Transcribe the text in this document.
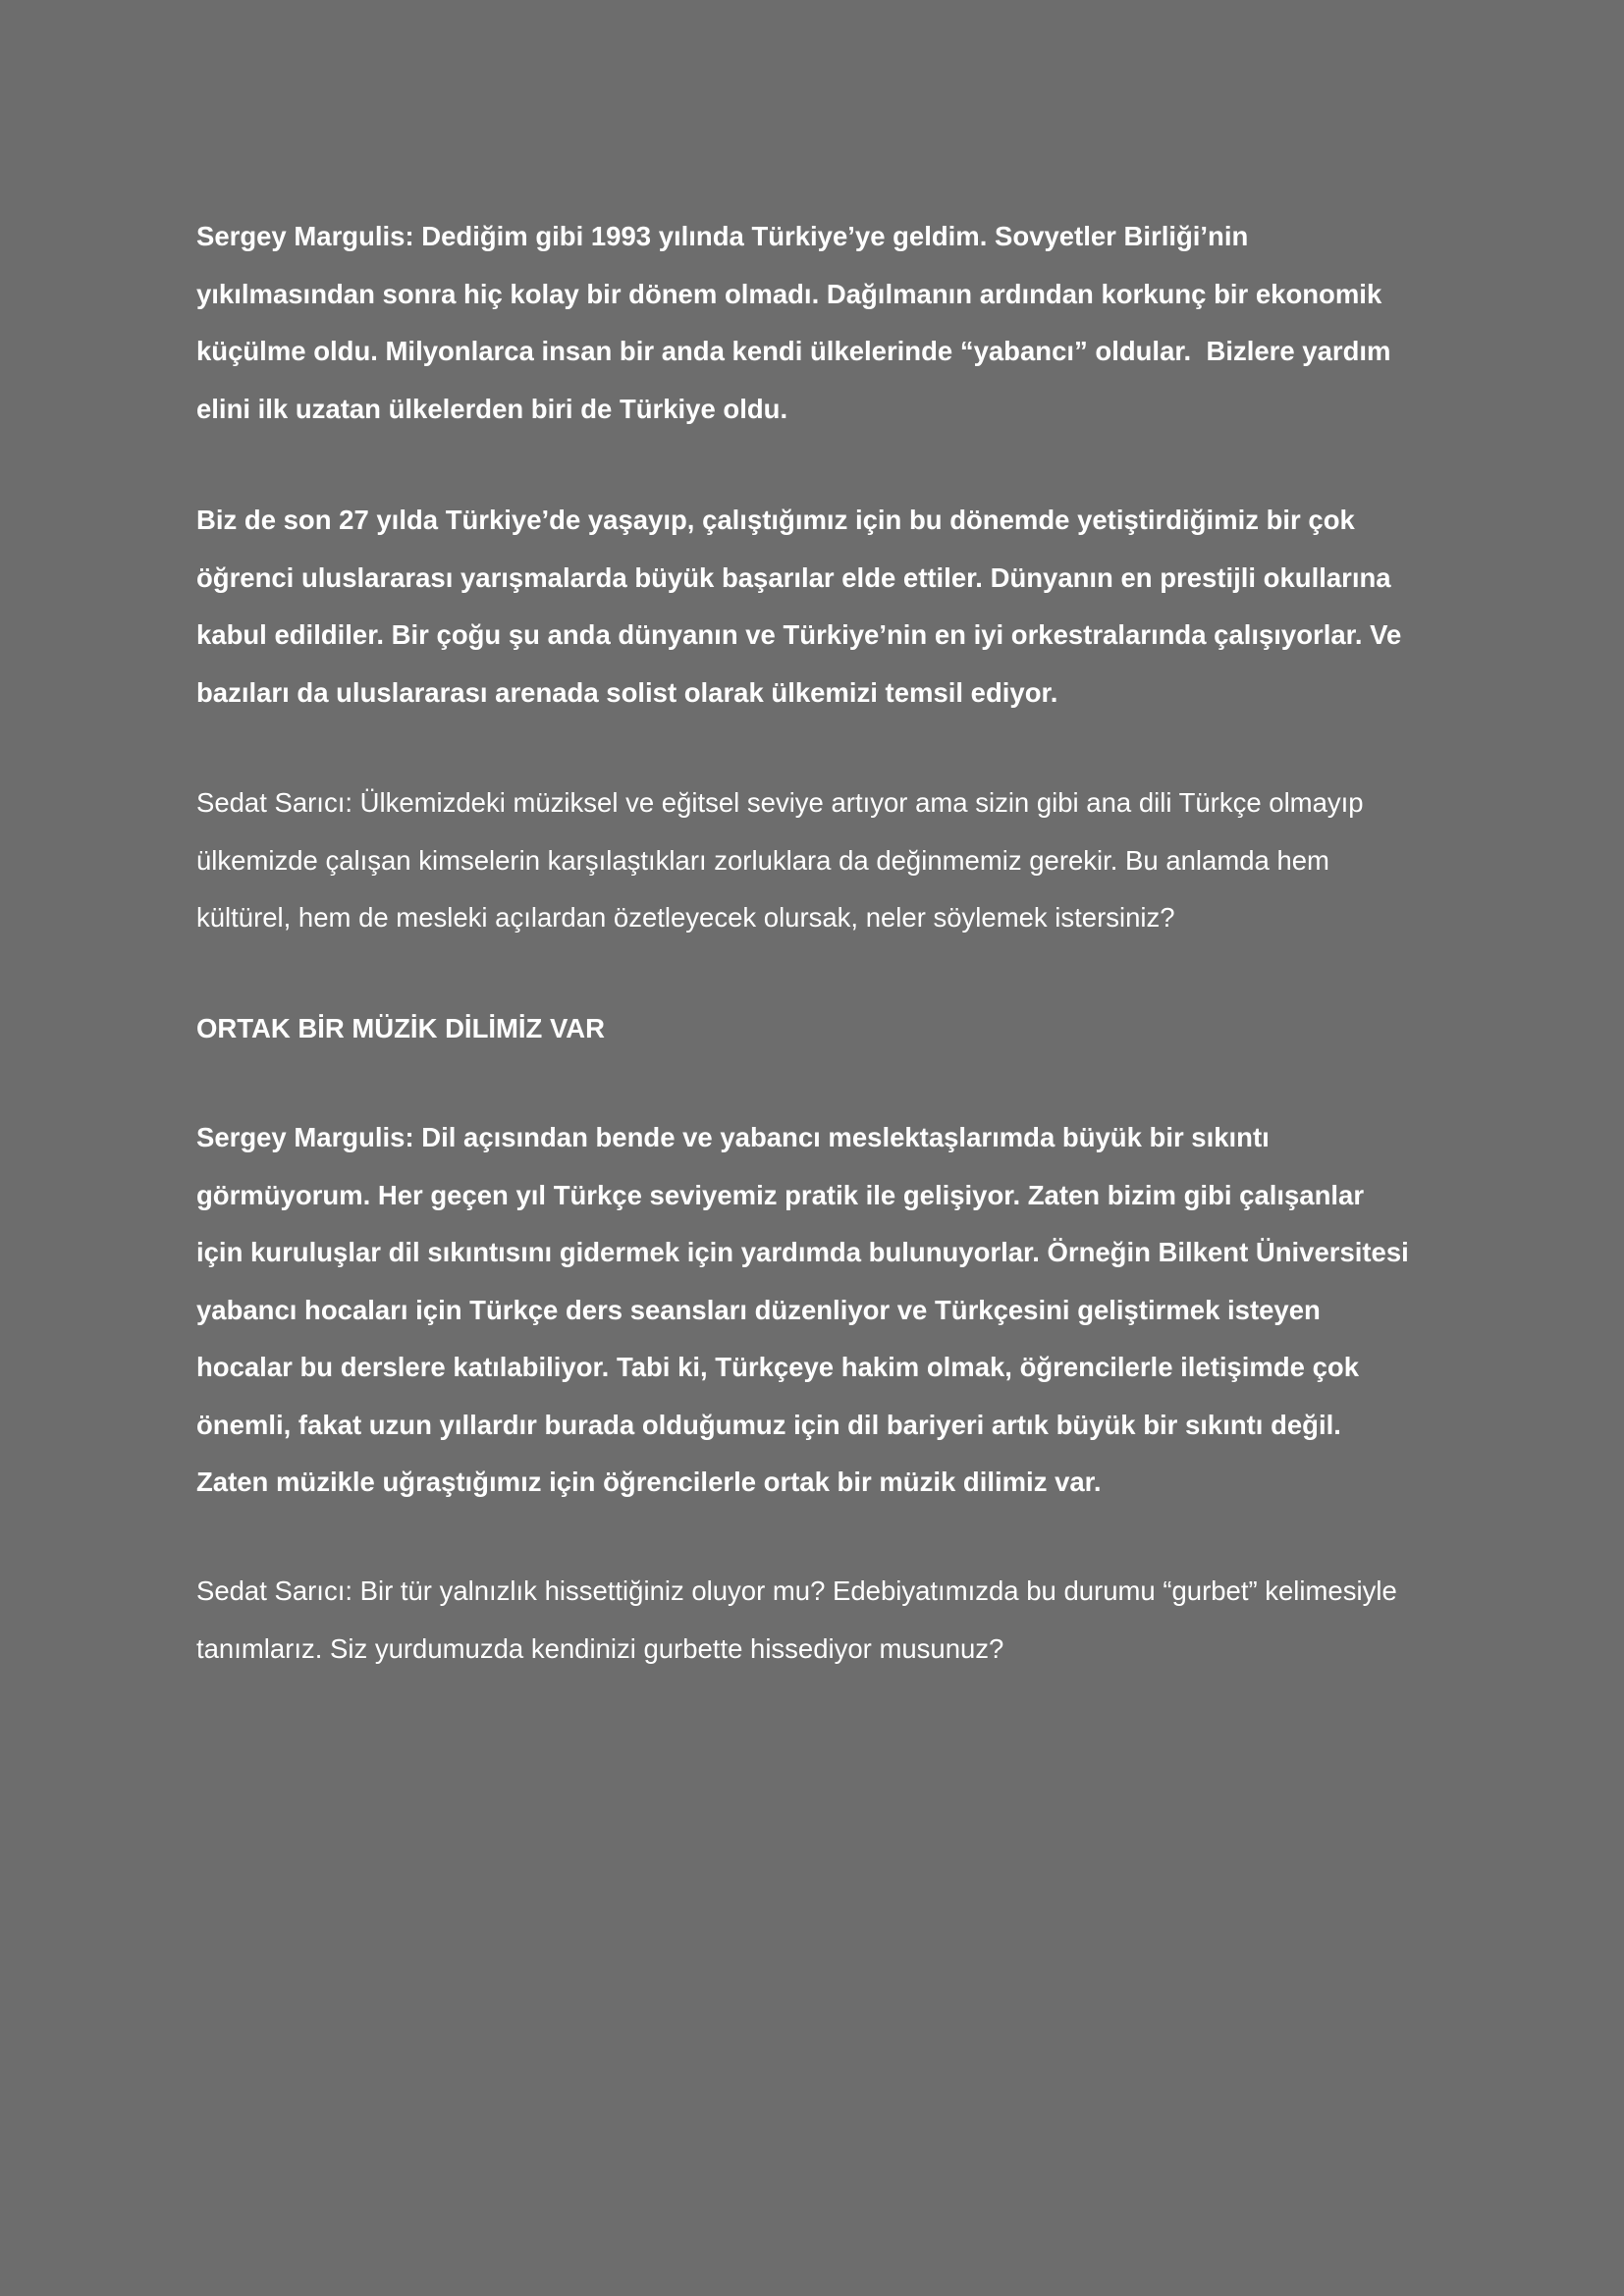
Sergey Margulis: Dediğim gibi 1993 yılında Türkiye’ye geldim. Sovyetler Birliği’nin
yıkılmasından sonra hiç kolay bir dönem olmadı. Dağılmanın ardından korkunç bir ekonomik
küçülme oldu. Milyonlarca insan bir anda kendi ülkelerinde “yabancı” oldular.  Bizlere yardım
elini ilk uzatan ülkelerden biri de Türkiye oldu.
Biz de son 27 yılda Türkiye’de yaşayıp, çalıştığımız için bu dönemde yetiştirdiğimiz bir çok
öğrenci uluslararası yarışmalarda büyük başarılar elde ettiler. Dünyanın en prestijli okullarına
kabul edildiler. Bir çoğu şu anda dünyanın ve Türkiye’nin en iyi orkestralarında çalışıyorlar. Ve
bazıları da uluslararası arenada solist olarak ülkemizi temsil ediyor.
Sedat Sarıcı: Ülkemizdeki müziksel ve eğitsel seviye artıyor ama sizin gibi ana dili Türkçe olmayıp
ülkemizde çalışan kimselerin karşılaştıkları zorluklara da değinmemiz gerekir. Bu anlamda hem
kültürel, hem de mesleki açılardan özetleyecek olursak, neler söylemek istersiniz?
ORTAK BİR MÜZİK DİLİMİZ VAR
Sergey Margulis: Dil açısından bende ve yabancı meslektaşlarımda büyük bir sıkıntı
görmüyorum. Her geçen yıl Türkçe seviyemiz pratik ile gelişiyor. Zaten bizim gibi çalışanlar
için kuruluşlar dil sıkıntısını gidermek için yardımda bulunuyorlar. Örneğin Bilkent Üniversitesi
yabancı hocaları için Türkçe ders seansları düzenliyor ve Türkçesini geliştirmek isteyen
hocalar bu derslere katılabiliyor. Tabi ki, Türkçeye hakim olmak, öğrencilerle iletişimde çok
önemli, fakat uzun yıllardır burada olduğumuz için dil bariyeri artık büyük bir sıkıntı değil.
Zaten müzikle uğraştığımız için öğrencilerle ortak bir müzik dilimiz var.
Sedat Sarıcı: Bir tür yalnızlık hissettiğiniz oluyor mu? Edebiyatımızda bu durumu “gurbet” kelimesiyle
tanımlarız. Siz yurdumuzda kendinizi gurbette hissediyor musunuz?
